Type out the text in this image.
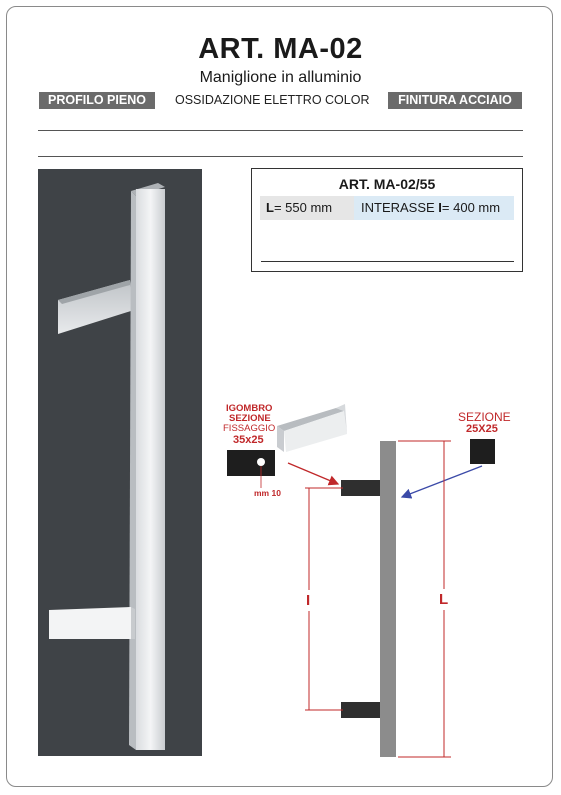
ART. MA-02
Maniglione in alluminio
PROFILO PIENO	OSSIDAZIONE ELETTRO COLOR	FINITURA ACCIAIO
ART. MA-02/55
L= 550 mm	INTERASSE I= 400 mm
IGOMBRO
SEZIONE
FISSAGGIO
35x25
mm 10
SEZIONE
25X25
I	L
